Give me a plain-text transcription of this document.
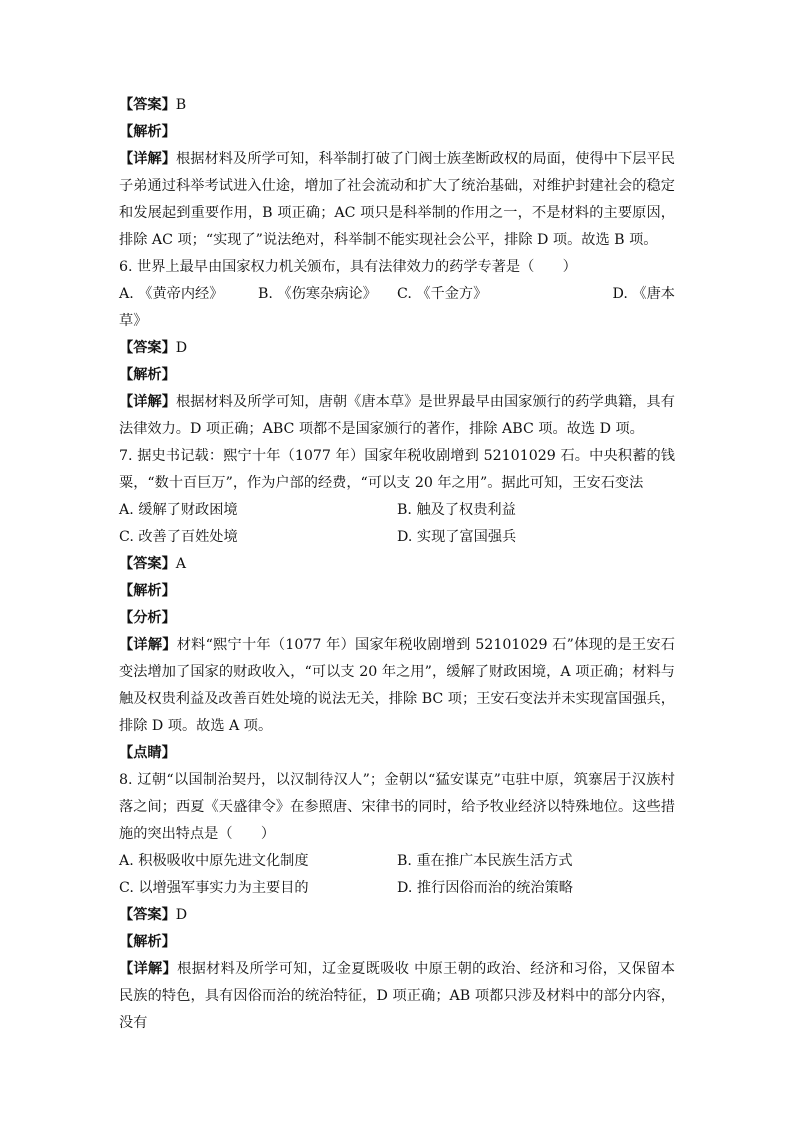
【答案】B
【解析】
【详解】根据材料及所学可知，科举制打破了门阀士族垄断政权的局面，使得中下层平民子弟通过科举考试进入仕途，增加了社会流动和扩大了统治基础，对维护封建社会的稳定和发展起到重要作用，B 项正确；AC 项只是科举制的作用之一，不是材料的主要原因，排除 AC 项；“实现了”说法绝对，科举制不能实现社会公平，排除 D 项。故选 B 项。
6. 世界上最早由国家权力机关颁布，具有法律效力的药学专著是（　　）
A. 《黄帝内经》	B. 《伤寒杂病论》	C. 《千金方》	D. 《唐本
草》
【答案】D
【解析】
【详解】根据材料及所学可知，唐朝《唐本草》是世界最早由国家颁行的药学典籍，具有法律效力。D 项正确；ABC 项都不是国家颁行的著作，排除 ABC 项。故选 D 项。
7. 据史书记载：熙宁十年（1077 年）国家年税收剧增到 52101029 石。中央积蓄的钱粟，“数十百巨万”，作为户部的经费，“可以支 20 年之用”。据此可知，王安石变法
A. 缓解了财政困境	B. 触及了权贵利益
C. 改善了百姓处境	D. 实现了富国强兵
【答案】A
【解析】
【分析】
【详解】材料“熙宁十年（1077 年）国家年税收剧增到 52101029 石”体现的是王安石变法增加了国家的财政收入，“可以支 20 年之用”，缓解了财政困境，A 项正确；材料与触及权贵利益及改善百姓处境的说法无关，排除 BC 项；王安石变法并未实现富国强兵，排除 D 项。故选 A 项。
【点睛】
8. 辽朝“以国制治契丹，以汉制待汉人”；金朝以“猛安谋克”屯驻中原，筑寨居于汉族村落之间；西夏《天盛律令》在参照唐、宋律书的同时，给予牧业经济以特殊地位。这些措施的突出特点是（　　）
A. 积极吸收中原先进文化制度	B. 重在推广本民族生活方式
C. 以增强军事实力为主要目的	D. 推行因俗而治的统治策略
【答案】D
【解析】
【详解】根据材料及所学可知，辽金夏既吸收 中原王朝的政治、经济和习俗，又保留本民族的特色，具有因俗而治的统治特征，D 项正确；AB 项都只涉及材料中的部分内容，没有
